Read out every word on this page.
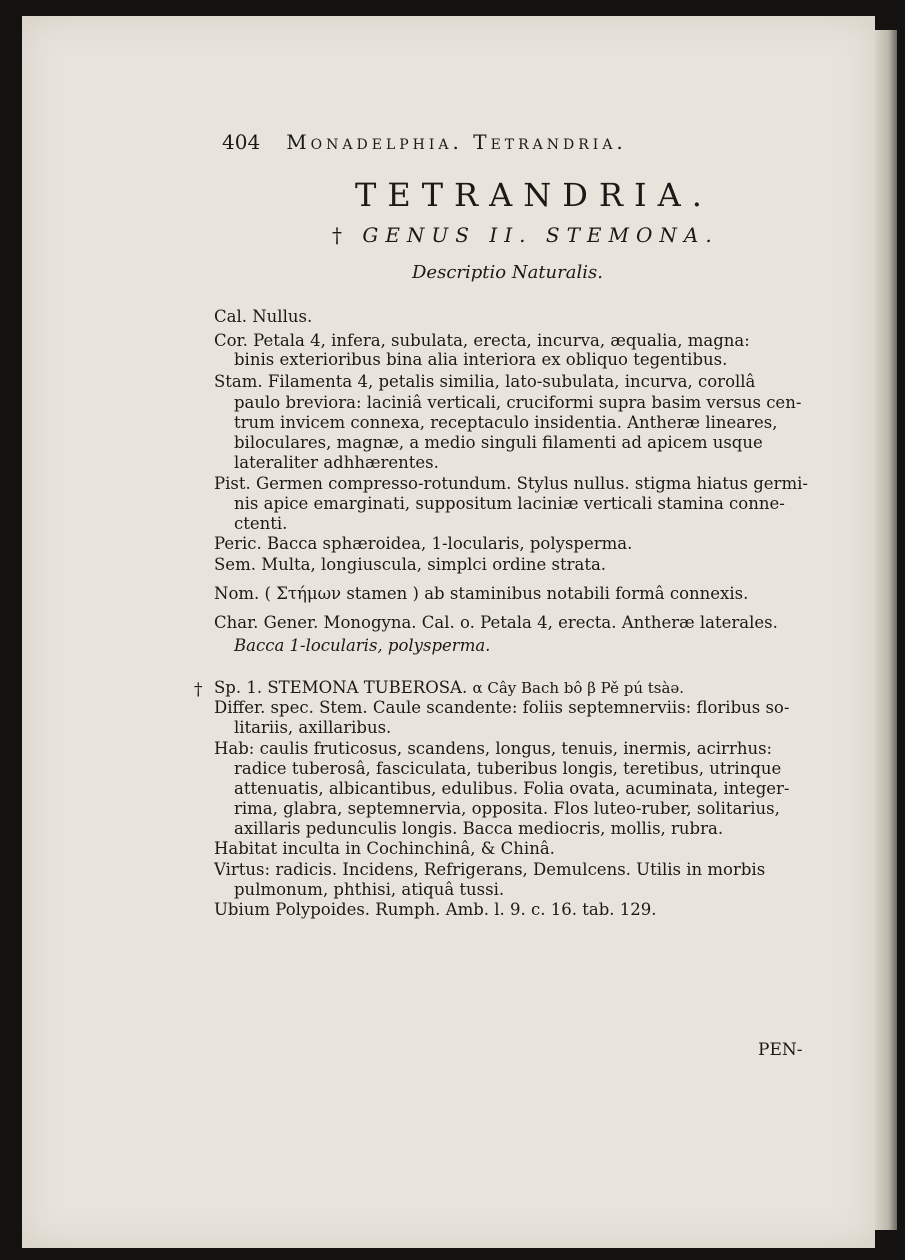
404 Monadelphia. Tetrandria.
TETRANDRIA.
† GENUS II. STEMONA.
Descriptio Naturalis.
Cal. Nullus.
Cor. Petala 4, infera, subulata, erecta, incurva, æqualia, magna:
binis exterioribus bina alia interiora ex obliquo tegentibus.
Stam. Filamenta 4, petalis similia, lato-subulata, incurva, corollâ
paulo breviora: laciniâ verticali, cruciformi supra basim versus cen-
trum invicem connexa, receptaculo insidentia. Antheræ lineares,
biloculares, magnæ, a medio singuli filamenti ad apicem usque
lateraliter adhhærentes.
Pist. Germen compresso-rotundum. Stylus nullus. stigma hiatus germi-
nis apice emarginati, suppositum laciniæ verticali stamina conne-
ctenti.
Peric. Bacca sphæroidea, 1-locularis, polysperma.
Sem. Multa, longiuscula, simplci ordine strata.
Nom. ( Στήμων stamen ) ab staminibus notabili formâ connexis.
Char. Gener. Monogyna. Cal. o. Petala 4, erecta. Antheræ laterales.
Bacca 1-locularis, polysperma.
† Sp. 1. STEMONA TUBEROSA. α Cây Bach bô β Pě pú tsàə.
Differ. spec. Stem. Caule scandente: foliis septemnerviis: floribus so-
litariis, axillaribus.
Hab: caulis fruticosus, scandens, longus, tenuis, inermis, acirrhus:
radice tuberosâ, fasciculata, tuberibus longis, teretibus, utrinque
attenuatis, albicantibus, edulibus. Folia ovata, acuminata, integer-
rima, glabra, septemnervia, opposita. Flos luteo-ruber, solitarius,
axillaris pedunculis longis. Bacca mediocris, mollis, rubra.
Habitat inculta in Cochinchinâ, & Chinâ.
Virtus: radicis. Incidens, Refrigerans, Demulcens. Utilis in morbis
pulmonum, phthisi, atiquâ tussi.
Ubium Polypoides. Rumph. Amb. l. 9. c. 16. tab. 129.
PEN-
